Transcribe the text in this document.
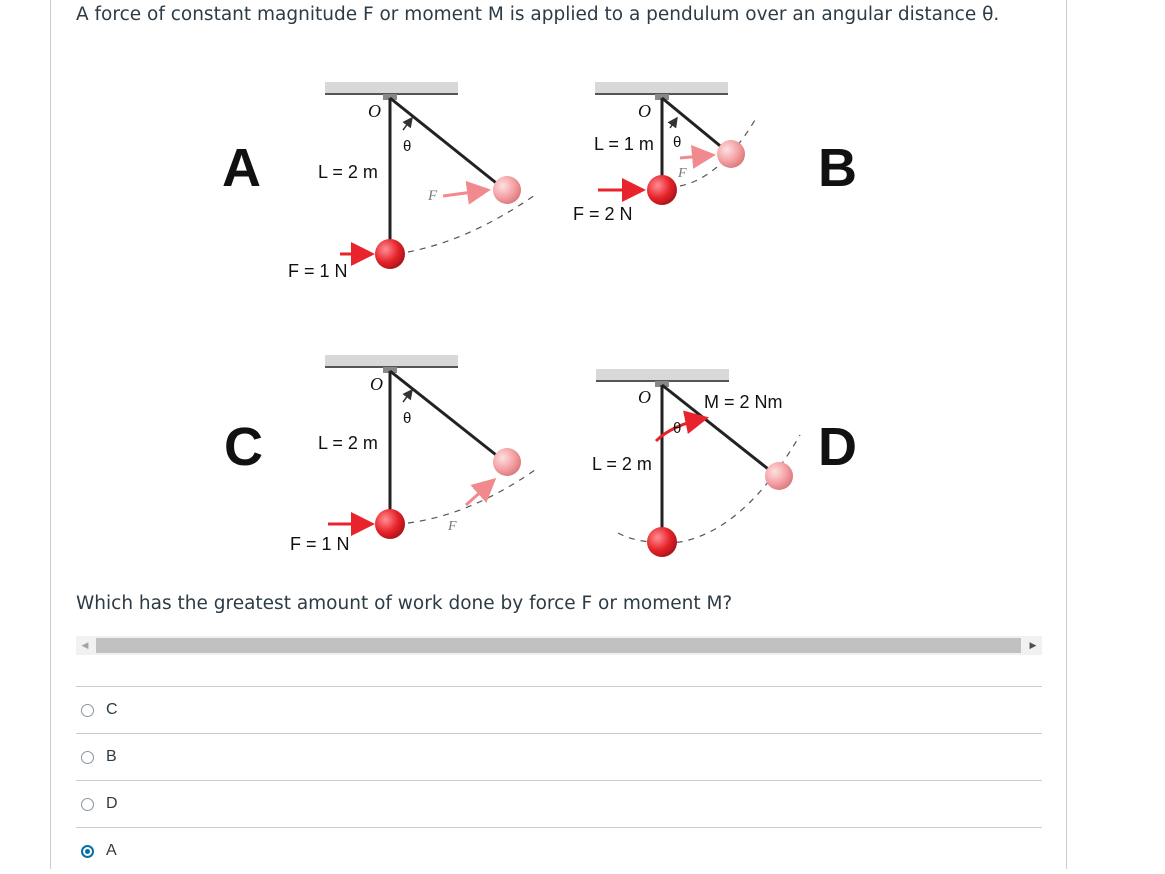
A force of constant magnitude F or moment M is applied to a pendulum over an angular distance θ.
A
O
θ
L = 2 m
F
F = 1 N
B
O
L = 1 m θ
F
F = 2 N
C
O
θ
L = 2 m
F
F = 1 N
D
O
θ
M = 2 Nm
L = 2 m
Which has the greatest amount of work done by force F or moment M?
◀	▶
C
B
D
A
